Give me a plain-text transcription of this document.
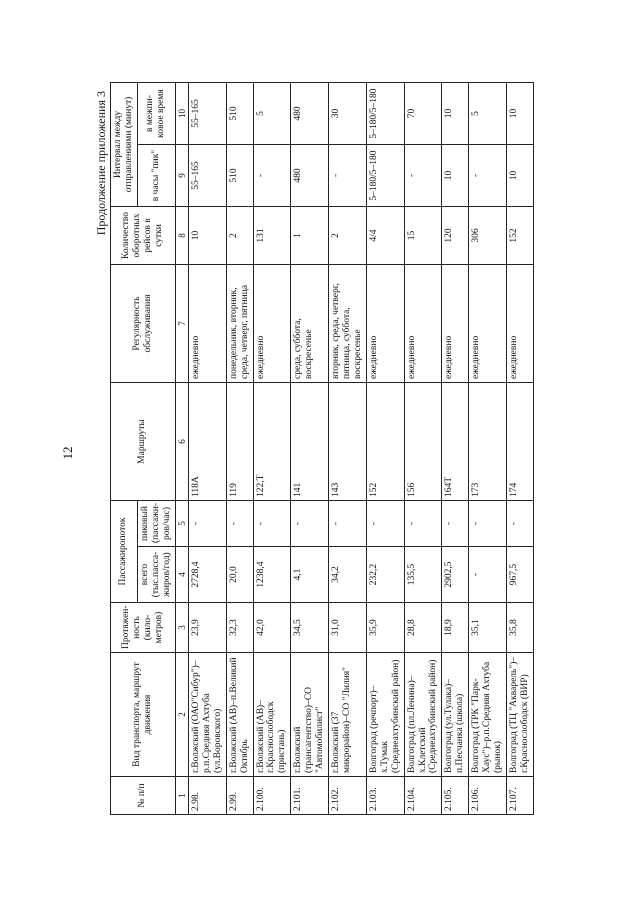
12
Продолжение приложения 3
№ п/п	Вид транспорта, маршрут движения	Протяжен-ность (кило-метров)	Пассажиропоток		Маршруты	Регулярность обслуживания	Количество оборотных рейсов в сутки	Интервал между отправлениями (минут)	
			всего (тыс.пасса-жиров/год)	пиковый (пассажи-ров/час)				в часы "пик"	в межпи-ковое время
1	2	3	4	5	6	7	8	9	10
2.98.	г.Волжский (ОАО"Сибур")–р.п.Средняя Ахтуба (ул.Воровского)	23,9	2728,4	-	118А	ежедневно	10	55–165	55–165
2.99.	г.Волжский (АВ)–п.Великий Октябрь	32,3	20,0	-	119	понедельник, вторник, среда, четверг, пятница	2	510	510
2.100.	г.Волжский (АВ)–г.Краснослободск (пристань)	42,0	1238,4	-	122,Т	ежедневно	131	-	5
2.101.	г.Волжский (трансагентство)–СО "Автомобилист"	34,5	4,1	-	141	среда, суббота, воскресенье	1	480	480
2.102.	г.Волжский (37 микрорайон)–СО "Лилия"	31,0	34,2	-	143	вторник, среда, четверг, пятница, суббота, воскресенье	2	-	30
2.103.	Волгоград (речпорт)–х.Тумак (Среднеахтубинский район)	35,9	232,2	-	152	ежедневно	4/4	5–180/5–180	5–180/5–180
2.104.	Волгоград (пл.Ленина)–х.Клетский (Среднеахтубинский район)	28,8	135,5	-	156	ежедневно	15	-	70
2.105.	Волгоград (ул.Тулака)–п.Песчанка (школа)	18,9	2902,5	-	164Т	ежедневно	120	10	10
2.106.	Волгоград (ТРК "Парк-Хаус")–р.п.Средняя Ахтуба (рынок)	35,1	-	-	173	ежедневно	306	-	5
2.107.	Волгоград (ТЦ "Акварель")–г.Краснослободск (ВИР)	35,8	967,5	-	174	ежедневно	152	10	10
